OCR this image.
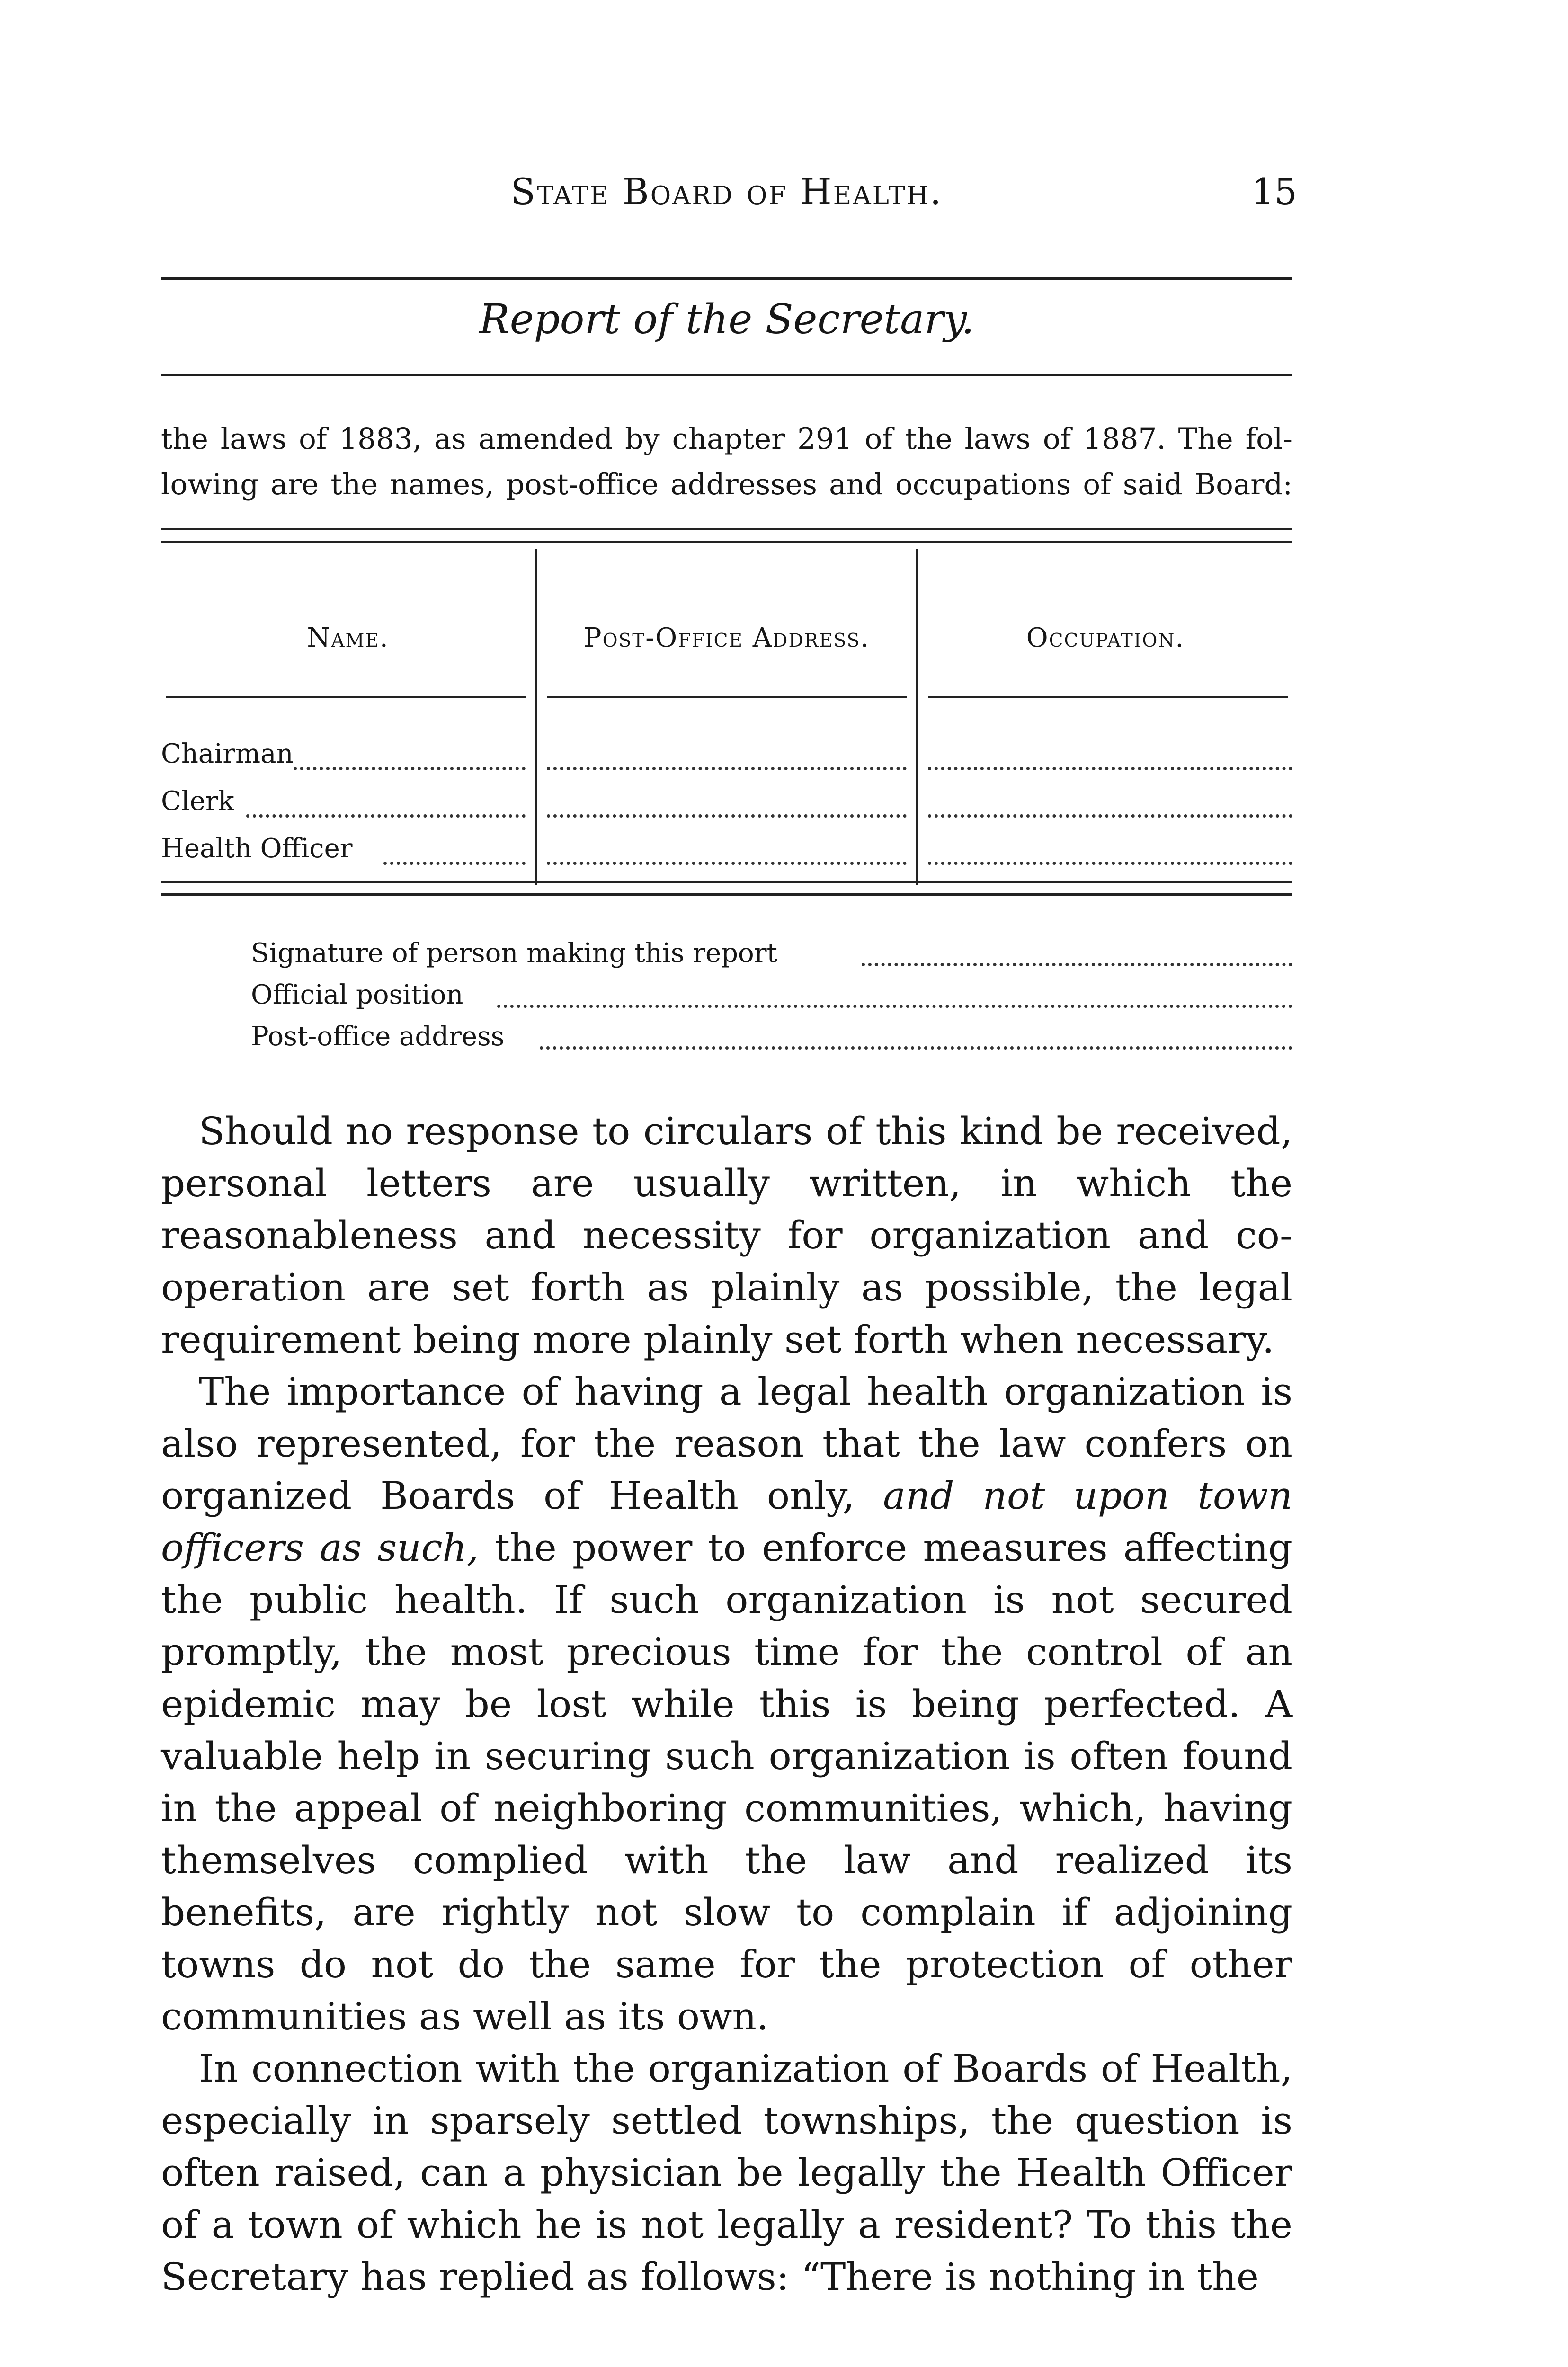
State Board of Health.	15
Report of the Secretary.

the laws of 1883, as amended by chapter 291 of the laws of 1887. The fol-

lowing are the names, post-office addresses and occupations of said Board:

Name.	Post-Office Address.	Occupation.
Chairman
Clerk
Health Officer
Signature of person making this report
Official position
Post-office address

Should no response to circulars of this kind be received, personal letters are usually written, in which the reasonableness and necessity for organization and co-operation are set forth as plainly as possible, the legal requirement being more plainly set forth when necessary.

The importance of having a legal health organization is also represented, for the reason that the law confers on organized Boards of Health only, and not upon town officers as such, the power to enforce measures affecting the public health. If such organization is not secured promptly, the most precious time for the control of an epidemic may be lost while this is being perfected. A valuable help in securing such organization is often found in the appeal of neighboring communities, which, having themselves complied with the law and realized its benefits, are rightly not slow to complain if adjoining towns do not do the same for the protection of other communities as well as its own.

In connection with the organization of Boards of Health, especially in sparsely settled townships, the question is often raised, can a physician be legally the Health Officer of a town of which he is not legally a resident? To this the Secretary has replied as follows: “There is nothing in the
